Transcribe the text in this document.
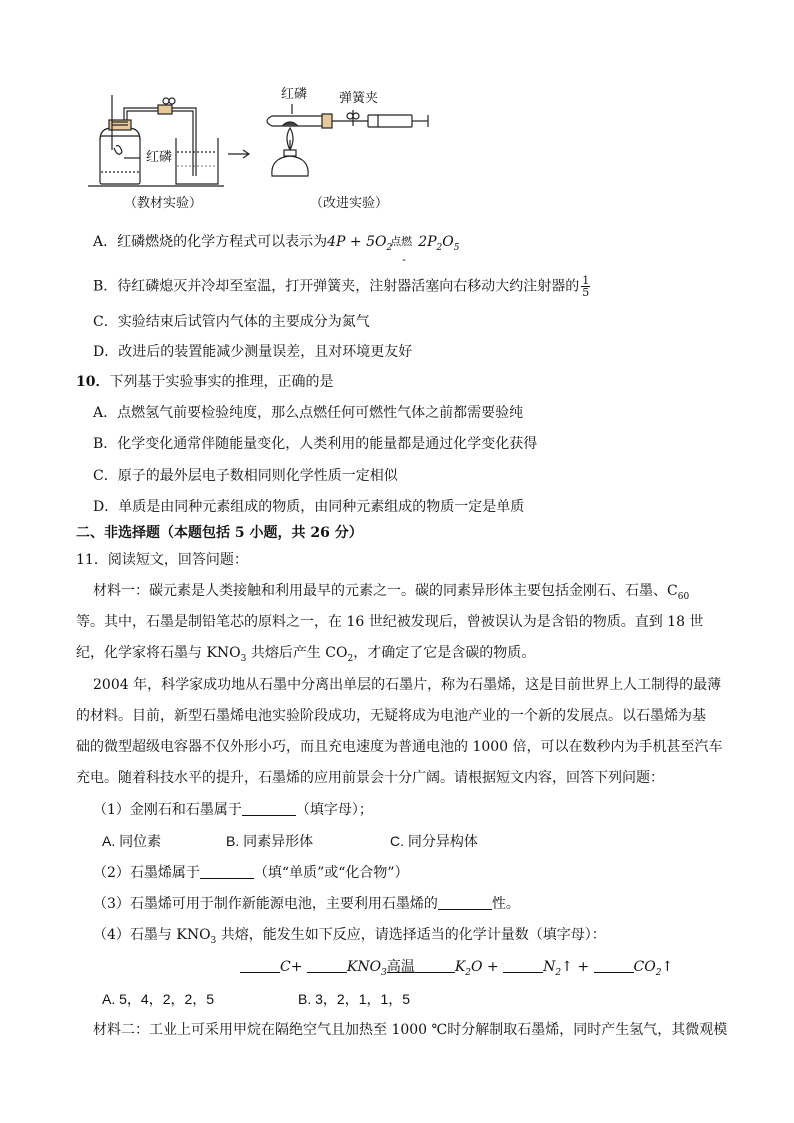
红磷
红磷 弹簧夹
（教材实验）	（改进实验）
A．红磷燃烧的化学方程式可以表示为$4P + 5O_2$
点燃
-
$2P_2O_5$
B．待红磷熄灭并冷却至室温，打开弹簧夹，注射器活塞向右移动大约注射器的 $\frac{1}{5}$
C．实验结束后试管内气体的主要成分为氮气
D．改进后的装置能减少测量误差，且对环境更友好
10．下列基于实验事实的推理，正确的是
A．点燃氢气前要检验纯度，那么点燃任何可燃性气体之前都需要验纯
B．化学变化通常伴随能量变化，人类利用的能量都是通过化学变化获得
C．原子的最外层电子数相同则化学性质一定相似
D．单质是由同种元素组成的物质，由同种元素组成的物质一定是单质
二、非选择题（本题包括 5 小题，共 26 分）
11．阅读短文，回答问题：
材料一：碳元素是人类接触和利用最早的元素之一。碳的同素异形体主要包括金刚石、石墨、$C_{60}$
等。其中，石墨是制铅笔芯的原料之一，在 16 世纪被发现后，曾被误认为是含铅的物质。直到 18 世
纪，化学家将石墨与 $KNO_3$ 共熔后产生 $CO_2$，才确定了它是含碳的物质。
2004 年，科学家成功地从石墨中分离出单层的石墨片，称为石墨烯，这是目前世界上人工制得的最薄
的材料。目前，新型石墨烯电池实验阶段成功，无疑将成为电池产业的一个新的发展点。以石墨烯为基
础的微型超级电容器不仅外形小巧，而且充电速度为普通电池的 1000 倍，可以在数秒内为手机甚至汽车
充电。随着科技水平的提升，石墨烯的应用前景会十分广阔。请根据短文内容，回答下列问题：
（1）金刚石和石墨属于	（填字母）；
A. 同位素	B. 同素异形体	C. 同分异构体
（2）石墨烯属于	（填“单质”或“化合物”）
（3）石墨烯可用于制作新能源电池，主要利用石墨烯的	性。
（4）石墨与 $KNO_3$ 共熔，能发生如下反应，请选择适当的化学计量数（填字母）：
C+	$KNO_3$高温	$K_2O$ +	$N_2↑$ +	$CO_2↑$
A. 5，4，2，2，5	B. 3，2，1，1，5
材料二：工业上可采用甲烷在隔绝空气且加热至 1000 ℃时分解制取石墨烯，同时产生氢气，其微观模
